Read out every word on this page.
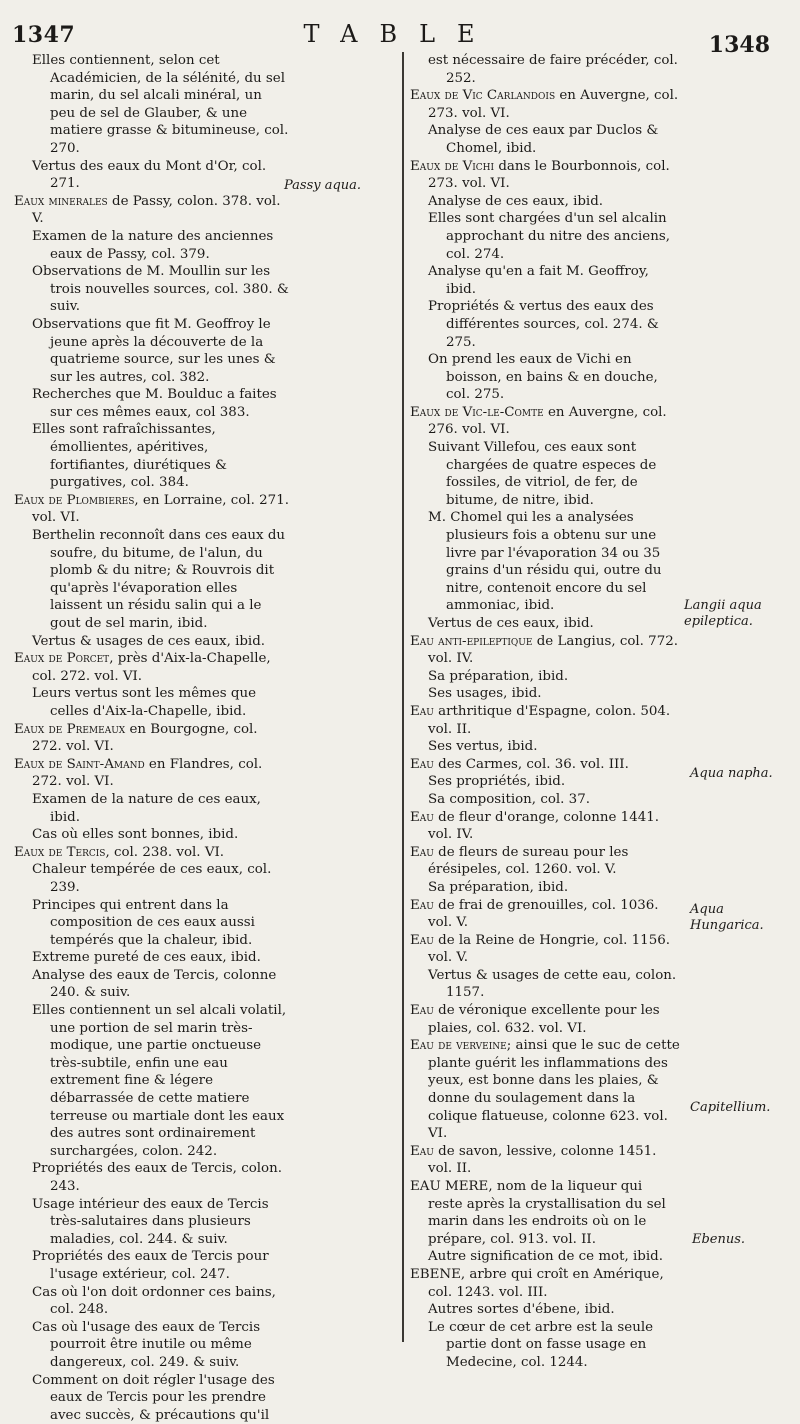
1347	TABLE	1348

Elles contiennent, selon cet Académicien, de la sélénité, du sel marin, du sel alcali minéral, un peu de sel de Glauber, & une matiere grasse & bitumineuse, col. 270.

Vertus des eaux du Mont d'Or, col. 271.

Eaux minerales de Passy, colon. 378. vol. V.

Examen de la nature des anciennes eaux de Passy, col. 379.

Observations de M. Moullin sur les trois nouvelles sources, col. 380. & suiv.

Observations que fit M. Geoffroy le jeune après la découverte de la quatrieme source, sur les unes & sur les autres, col. 382.

Recherches que M. Boulduc a faites sur ces mêmes eaux, col 383.

Elles sont rafraîchissantes, émollientes, apéritives, fortifiantes, diurétiques & purgatives, col. 384.

Eaux de Plombieres, en Lorraine, col. 271. vol. VI.

Berthelin reconnoît dans ces eaux du soufre, du bitume, de l'alun, du plomb & du nitre; & Rouvrois dit qu'après l'évaporation elles laissent un résidu salin qui a le gout de sel marin, ibid.

Vertus & usages de ces eaux, ibid.

Eaux de Porcet, près d'Aix-la-Chapelle, col. 272. vol. VI.

Leurs vertus sont les mêmes que celles d'Aix-la-Chapelle, ibid.

Eaux de Premeaux en Bourgogne, col. 272. vol. VI.

Eaux de Saint-Amand en Flandres, col. 272. vol. VI.

Examen de la nature de ces eaux, ibid.

Cas où elles sont bonnes, ibid.

Eaux de Tercis, col. 238. vol. VI.

Chaleur tempérée de ces eaux, col. 239.

Principes qui entrent dans la composition de ces eaux aussi tempérés que la chaleur, ibid.

Extreme pureté de ces eaux, ibid.

Analyse des eaux de Tercis, colonne 240. & suiv.

Elles contiennent un sel alcali volatil, une portion de sel marin très-modique, une partie onctueuse très-subtile, enfin une eau extrement fine & légere débarrassée de cette matiere terreuse ou martiale dont les eaux des autres sont ordinairement surchargées, colon. 242.

Propriétés des eaux de Tercis, colon. 243.

Usage intérieur des eaux de Tercis très-salutaires dans plusieurs maladies, col. 244. & suiv.

Propriétés des eaux de Tercis pour l'usage extérieur, col. 247.

Cas où l'on doit ordonner ces bains, col. 248.

Cas où l'usage des eaux de Tercis pourroit être inutile ou même dangereux, col. 249. & suiv.

Comment on doit régler l'usage des eaux de Tercis pour les prendre avec succès, & précautions qu'il

est nécessaire de faire précéder, col. 252.

Eaux de Vic Carlandois en Auvergne, col. 273. vol. VI.

Analyse de ces eaux par Duclos & Chomel, ibid.

Eaux de Vichi dans le Bourbonnois, col. 273. vol. VI.

Analyse de ces eaux, ibid.

Elles sont chargées d'un sel alcalin approchant du nitre des anciens, col. 274.

Analyse qu'en a fait M. Geoffroy, ibid.

Propriétés & vertus des eaux des différentes sources, col. 274. & 275.

On prend les eaux de Vichi en boisson, en bains & en douche, col. 275.

Eaux de Vic-le-Comte en Auvergne, col. 276. vol. VI.

Suivant Villefou, ces eaux sont chargées de quatre especes de fossiles, de vitriol, de fer, de bitume, de nitre, ibid.

M. Chomel qui les a analysées plusieurs fois a obtenu sur une livre par l'évaporation 34 ou 35 grains d'un résidu qui, outre du nitre, contenoit encore du sel ammoniac, ibid.

Vertus de ces eaux, ibid.

Eau anti-epileptique de Langius, col. 772. vol. IV.

Sa préparation, ibid.

Ses usages, ibid.

Eau arthritique d'Espagne, colon. 504. vol. II.

Ses vertus, ibid.

Eau des Carmes, col. 36. vol. III.

Ses propriétés, ibid.

Sa composition, col. 37.

Eau de fleur d'orange, colonne 1441. vol. IV.

Eau de fleurs de sureau pour les érésipeles, col. 1260. vol. V.

Sa préparation, ibid.

Eau de frai de grenouilles, col. 1036. vol. V.

Eau de la Reine de Hongrie, col. 1156. vol. V.

Vertus & usages de cette eau, colon. 1157.

Eau de véronique excellente pour les plaies, col. 632. vol. VI.

Eau de verveine; ainsi que le suc de cette plante guérit les inflammations des yeux, est bonne dans les plaies, & donne du soulagement dans la colique flatueuse, colonne 623. vol. VI.

Eau de savon, lessive, colonne 1451. vol. II.

EAU MERE, nom de la liqueur qui reste après la crystallisation du sel marin dans les endroits où on le prépare, col. 913. vol. II.

Autre signification de ce mot, ibid.

EBENE, arbre qui croît en Amérique, col. 1243. vol. III.

Autres sortes d'ébene, ibid.

Le cœur de cet arbre est la seule partie dont on fasse usage en Medecine, col. 1244.

Passy aqua.
Langii aqua epileptica.
Aqua napha.
Aqua Hungarica.
Capitellium.
Ebenus.
